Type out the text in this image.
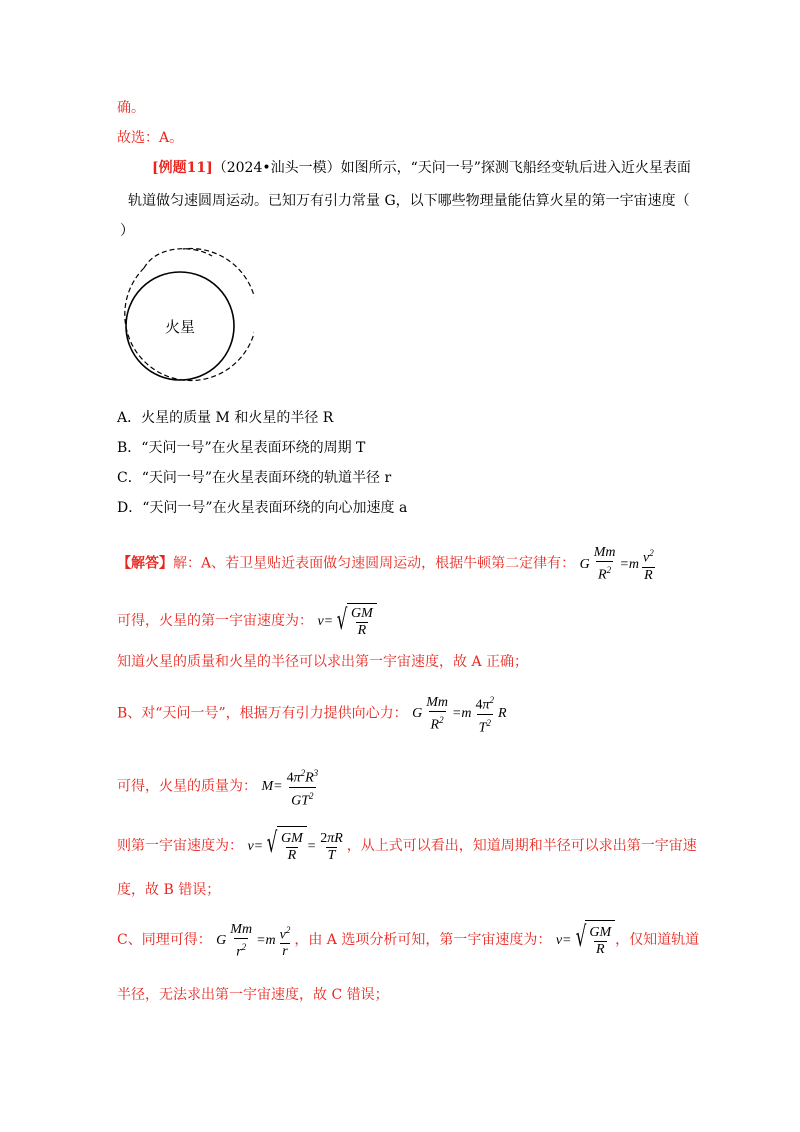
确。
故选：A。
[例题11]（2024•汕头一模）如图所示，“天问一号”探测飞船经变轨后进入近火星表面
轨道做匀速圆周运动。已知万有引力常量 G，以下哪些物理量能估算火星的第一宇宙速度（
）
火星
A．火星的质量 M 和火星的半径 R
B．“天问一号”在火星表面环绕的周期 T
C．“天问一号”在火星表面环绕的轨道半径 r
D．“天问一号”在火星表面环绕的向心加速度 a
【解答】解：A、若卫星贴近表面做匀速圆周运动，根据牛顿第二定律有： G $\frac{Mm}{R^2} =m \frac{v^2}{R}$
可得，火星的第一宇宙速度为： v= √ $\frac{GM}{R}$
知道火星的质量和火星的半径可以求出第一宇宙速度，故 A 正确；
B、对“天问一号”，根据万有引力提供向心力： G $\frac{Mm}{R^2} =m \frac{4\pi^2}{T^2}$ R
可得，火星的质量为： $M= \frac{4\pi^2R^3}{GT^2}$
则第一宇宙速度为： v= √ $\frac{GM}{R} = \frac{2\pi R}{T}$ ，从上式可以看出，知道周期和半径可以求出第一宇宙速
度，故 B 错误；
C、同理可得： G $\frac{Mm}{r^2} =m \frac{v^2}{r}$ ，由 A 选项分析可知，第一宇宙速度为： v= √ $\frac{GM}{R}$ ，仅知道轨道
半径，无法求出第一宇宙速度，故 C 错误；
